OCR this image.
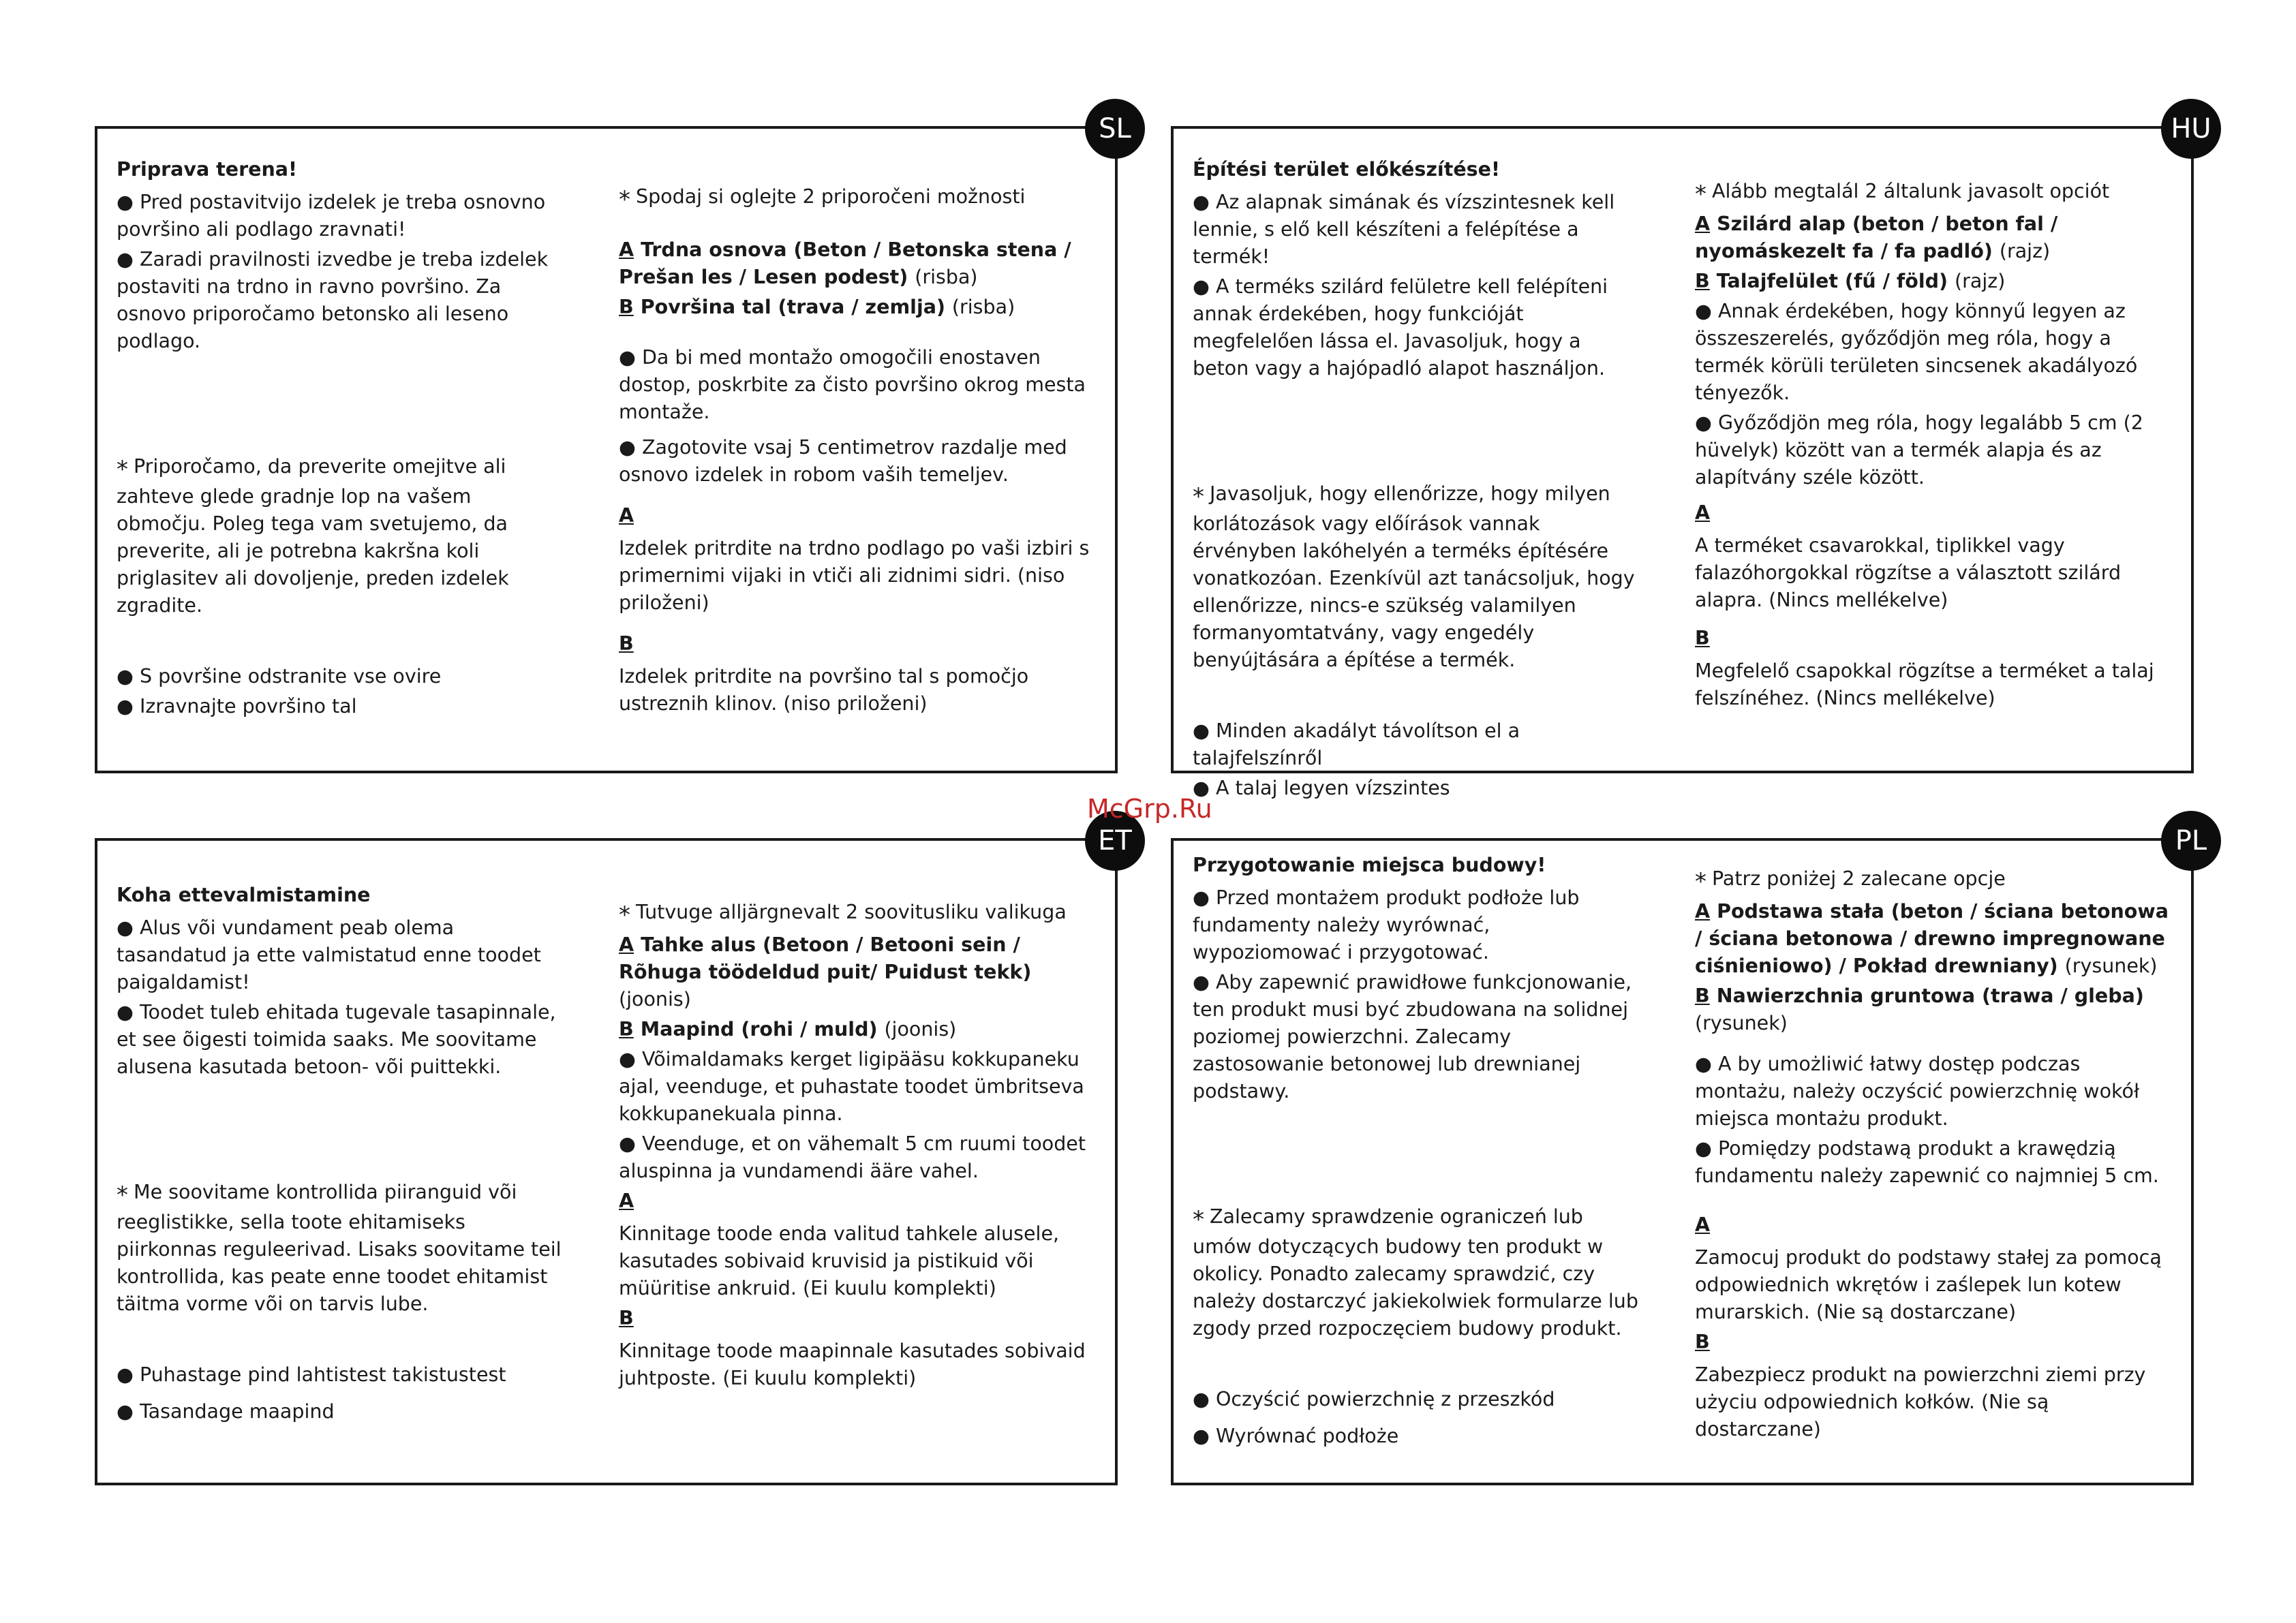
SL
Priprava terena!
● Pred postavitvijo izdelek je treba osnovno površino ali podlago zravnati!
● Zaradi pravilnosti izvedbe je treba izdelek postaviti na trdno in ravno površino. Za osnovo priporočamo betonsko ali leseno podlago.
* Priporočamo, da preverite omejitve ali zahteve glede gradnje lop na vašem območju. Poleg tega vam svetujemo, da preverite, ali je potrebna kakršna koli priglasitev ali dovoljenje, preden izdelek zgradite.
● S površine odstranite vse ovire
● Izravnajte površino tal
* Spodaj si oglejte 2 priporočeni možnosti
A Trdna osnova (Beton / Betonska stena / Prešan les / Lesen podest) (risba)
B Površina tal (trava / zemlja) (risba)
● Da bi med montažo omogočili enostaven dostop, poskrbite za čisto površino okrog mesta montaže.
● Zagotovite vsaj 5 centimetrov razdalje med osnovo izdelek in robom vaših temeljev.
A
Izdelek pritrdite na trdno podlago po vaši izbiri s primernimi vijaki in vtiči ali zidnimi sidri. (niso priloženi)
B
Izdelek pritrdite na površino tal s pomočjo ustreznih klinov. (niso priloženi)
HU
Építési terület előkészítése!
● Az alapnak simának és vízszintesnek kell lennie, s elő kell készíteni a felépítése a termék!
● A terméks szilárd felületre kell felépíteni annak érdekében, hogy funkcióját megfelelően lássa el. Javasoljuk, hogy a beton vagy a hajópadló alapot használjon.
* Javasoljuk, hogy ellenőrizze, hogy milyen korlátozások vagy előírások vannak érvényben lakóhelyén a terméks építésére vonatkozóan. Ezenkívül azt tanácsoljuk, hogy ellenőrizze, nincs-e szükség valamilyen formanyomtatvány, vagy engedély benyújtására a építése a termék.
● Minden akadályt távolítson el a talajfelszínről
● A talaj legyen vízszintes
* Alább megtalál 2 általunk javasolt opciót
A Szilárd alap (beton / beton fal / nyomáskezelt fa / fa padló) (rajz)
B Talajfelület (fű / föld) (rajz)
● Annak érdekében, hogy könnyű legyen az összeszerelés, győződjön meg róla, hogy a termék körüli területen sincsenek akadályozó tényezők.
● Győződjön meg róla, hogy legalább 5 cm (2 hüvelyk) között van a termék alapja és az alapítvány széle között.
A
A terméket csavarokkal, tiplikkel vagy falazóhorgokkal rögzítse a választott szilárd alapra. (Nincs mellékelve)
B
Megfelelő csapokkal rögzítse a terméket a talaj felszínéhez. (Nincs mellékelve)
ET
Koha ettevalmistamine
● Alus või vundament peab olema tasandatud ja ette valmistatud enne toodet paigaldamist!
● Toodet tuleb ehitada tugevale tasapinnale, et see õigesti toimida saaks. Me soovitame alusena kasutada betoon- või puittekki.
* Me soovitame kontrollida piiranguid või reeglistikke, sella toote ehitamiseks piirkonnas reguleerivad. Lisaks soovitame teil kontrollida, kas peate enne toodet ehitamist täitma vorme või on tarvis lube.
● Puhastage pind lahtistest takistustest
● Tasandage maapind
* Tutvuge alljärgnevalt 2 soovitusliku valikuga
A Tahke alus (Betoon / Betooni sein / Rõhuga töödeldud puit/ Puidust tekk) (joonis)
B Maapind (rohi / muld) (joonis)
● Võimaldamaks kerget ligipääsu kokkupaneku ajal, veenduge, et puhastate toodet ümbritseva kokkupanekuala pinna.
● Veenduge, et on vähemalt 5 cm ruumi toodet aluspinna ja vundamendi ääre vahel.
A
Kinnitage toode enda valitud tahkele alusele, kasutades sobivaid kruvisid ja pistikuid või müüritise ankruid. (Ei kuulu komplekti)
B
Kinnitage toode maapinnale kasutades sobivaid juhtposte. (Ei kuulu komplekti)
PL
Przygotowanie miejsca budowy!
● Przed montażem produkt podłoże lub fundamenty należy wyrównać, wypoziomować i przygotować.
● Aby zapewnić prawidłowe funkcjonowanie, ten produkt musi być zbudowana na solidnej poziomej powierzchni. Zalecamy zastosowanie betonowej lub drewnianej podstawy.
* Zalecamy sprawdzenie ograniczeń lub umów dotyczących budowy ten produkt w okolicy. Ponadto zalecamy sprawdzić, czy należy dostarczyć jakiekolwiek formularze lub zgody przed rozpoczęciem budowy produkt.
● Oczyścić powierzchnię z przeszkód
● Wyrównać podłoże
* Patrz poniżej 2 zalecane opcje
A Podstawa stała (beton / ściana betonowa / ściana betonowa / drewno impregnowane ciśnieniowo) / Pokład drewniany) (rysunek)
B Nawierzchnia gruntowa (trawa / gleba) (rysunek)
● A by umożliwić łatwy dostęp podczas montażu, należy oczyścić powierzchnię wokół miejsca montażu produkt.
● Pomiędzy podstawą produkt a krawędzią fundamentu należy zapewnić co najmniej 5 cm.
A
Zamocuj produkt do podstawy stałej za pomocą odpowiednich wkrętów i zaślepek lun kotew murarskich. (Nie są dostarczane)
B
Zabezpiecz produkt na powierzchni ziemi przy użyciu odpowiednich kołków. (Nie są dostarczane)
McGrp.Ru
